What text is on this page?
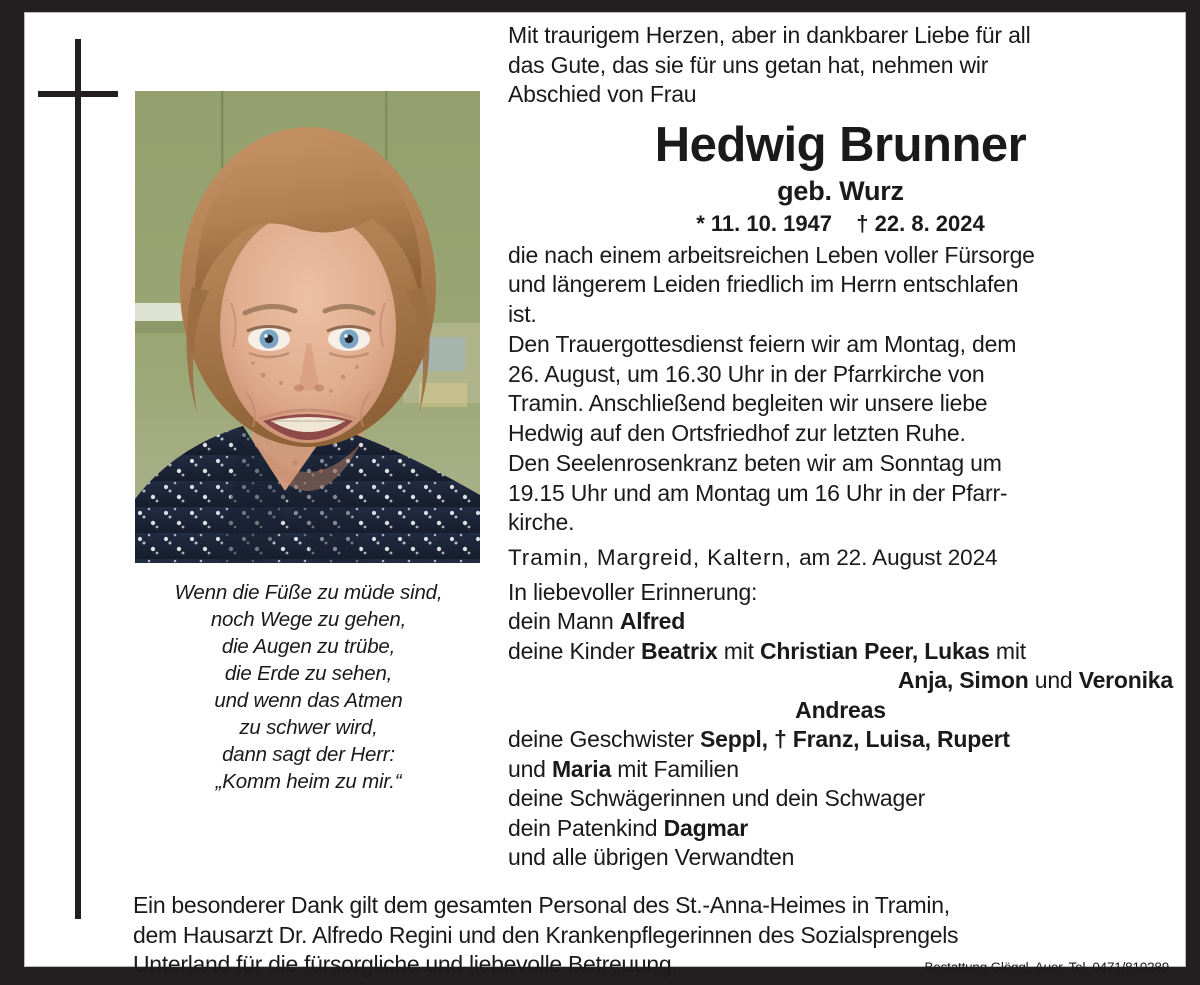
Wenn die Füße zu müde sind,
noch Wege zu gehen,
die Augen zu trübe,
die Erde zu sehen,
und wenn das Atmen
zu schwer wird,
dann sagt der Herr:
„Komm heim zu mir.“
Mit traurigem Herzen, aber in dankbarer Liebe für all
das Gute, das sie für uns getan hat, nehmen wir
Abschied von Frau
Hedwig Brunner
geb. Wurz
* 11. 10. 1947 † 22. 8. 2024
die nach einem arbeitsreichen Leben voller Fürsorge
und längerem Leiden friedlich im Herrn entschlafen
ist.
Den Trauergottesdienst feiern wir am Montag, dem
26. August, um 16.30 Uhr in der Pfarrkirche von
Tramin. Anschließend begleiten wir unsere liebe
Hedwig auf den Ortsfriedhof zur letzten Ruhe.
Den Seelenrosenkranz beten wir am Sonntag um
19.15 Uhr und am Montag um 16 Uhr in der Pfarr-
kirche.
Tramin, Margreid, Kaltern, am 22. August 2024
In liebevoller Erinnerung:
dein Mann Alfred
deine Kinder Beatrix mit Christian Peer, Lukas mit
Anja, Simon und Veronika
Andreas
deine Geschwister Seppl, † Franz, Luisa, Rupert
und Maria mit Familien
deine Schwägerinnen und dein Schwager
dein Patenkind Dagmar
und alle übrigen Verwandten
Ein besonderer Dank gilt dem gesamten Personal des St.-Anna-Heimes in Tramin,
dem Hausarzt Dr. Alfredo Regini und den Krankenpflegerinnen des Sozialsprengels
Unterland für die fürsorgliche und liebevolle Betreuung.	Bestattung Glöggl, Auer, Tel. 0471/810289
